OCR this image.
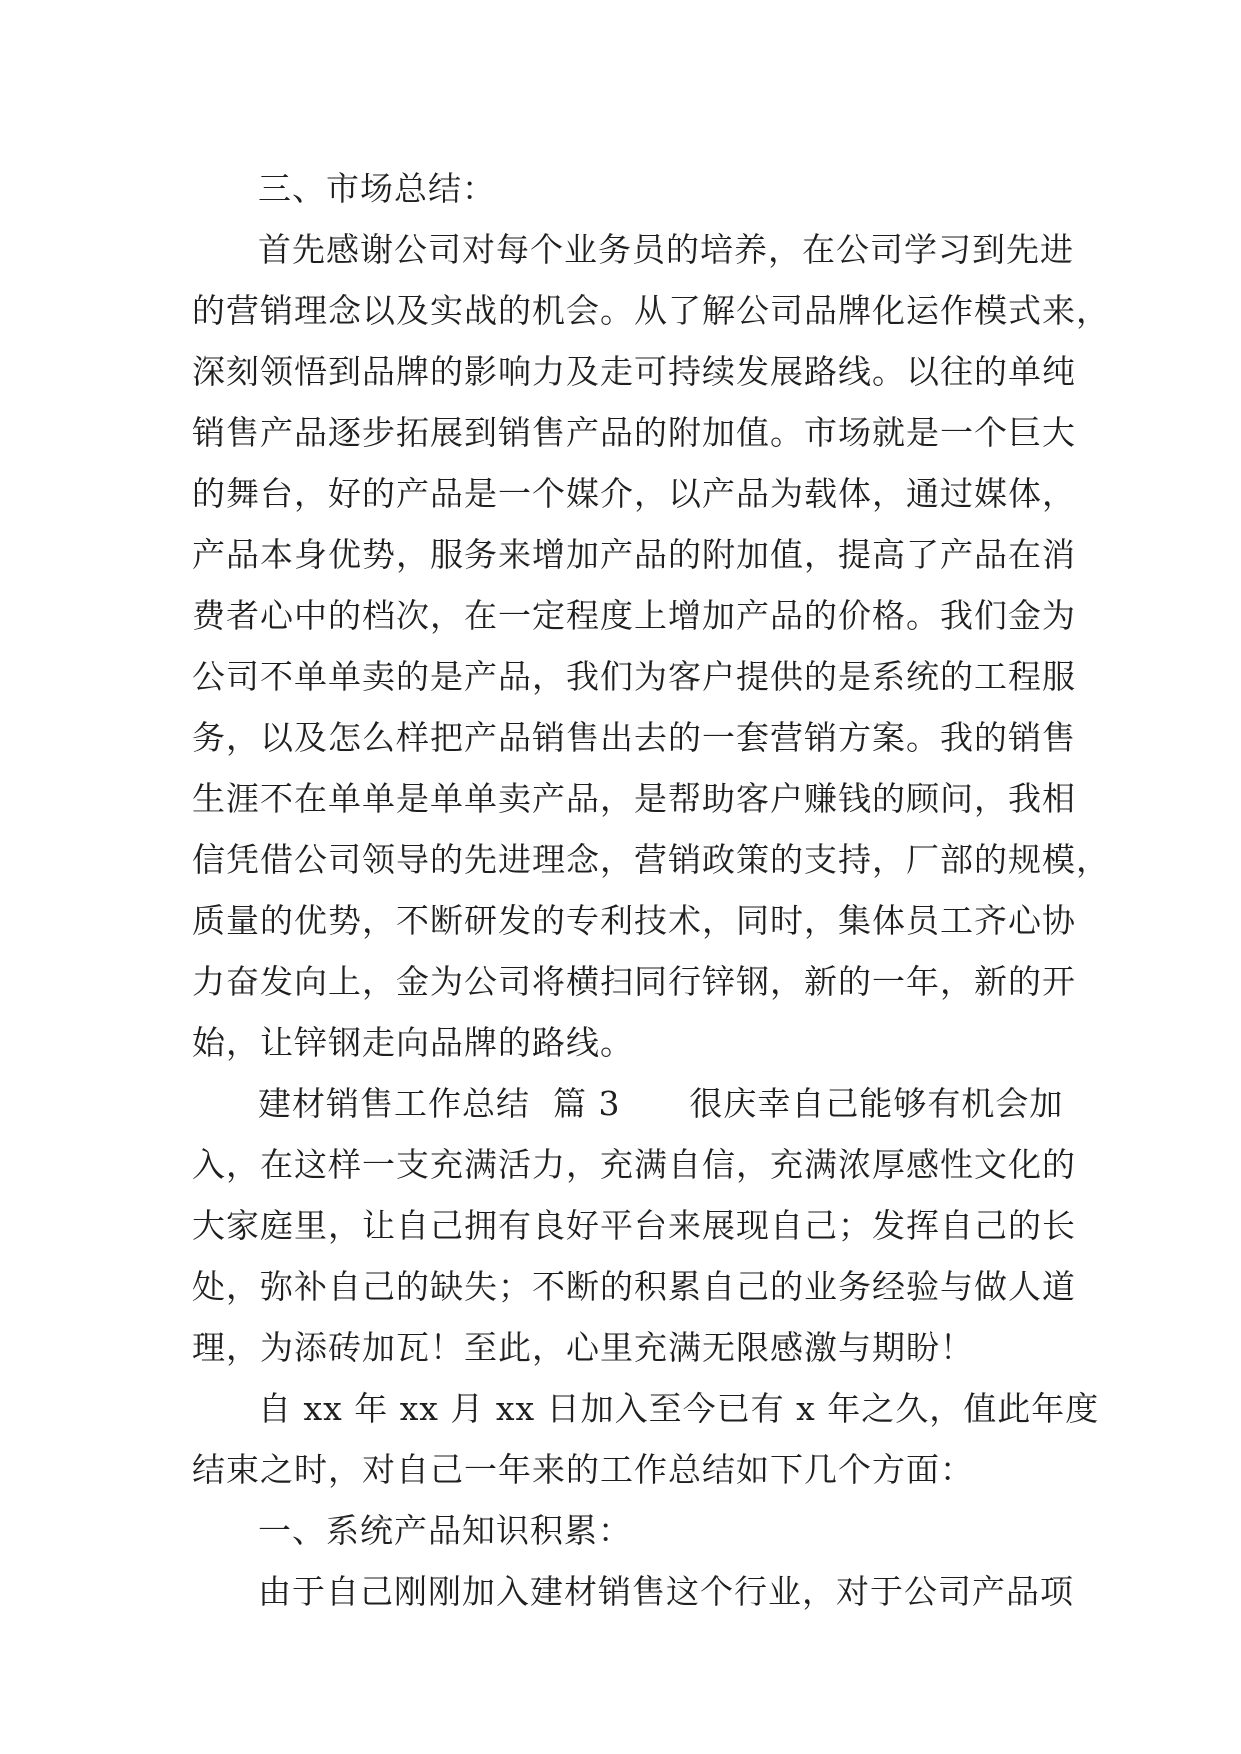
三、市场总结：
首先感谢公司对每个业务员的培养，在公司学习到先进
的营销理念以及实战的机会。从了解公司品牌化运作模式来，
深刻领悟到品牌的影响力及走可持续发展路线。以往的单纯
销售产品逐步拓展到销售产品的附加值。市场就是一个巨大
的舞台，好的产品是一个媒介，以产品为载体，通过媒体，
产品本身优势，服务来增加产品的附加值，提高了产品在消
费者心中的档次，在一定程度上增加产品的价格。我们金为
公司不单单卖的是产品，我们为客户提供的是系统的工程服
务，以及怎么样把产品销售出去的一套营销方案。我的销售
生涯不在单单是单单卖产品，是帮助客户赚钱的顾问，我相
信凭借公司领导的先进理念，营销政策的支持，厂部的规模，
质量的优势，不断研发的专利技术，同时，集体员工齐心协
力奋发向上，金为公司将横扫同行锌钢，新的一年，新的开
始，让锌钢走向品牌的路线。
建材销售工作总结  篇 3      很庆幸自己能够有机会加
入，在这样一支充满活力，充满自信，充满浓厚感性文化的
大家庭里，让自己拥有良好平台来展现自己；发挥自己的长
处，弥补自己的缺失；不断的积累自己的业务经验与做人道
理，为添砖加瓦！至此，心里充满无限感激与期盼！
自 xx 年 xx 月 xx 日加入至今已有 x 年之久，值此年度
结束之时，对自己一年来的工作总结如下几个方面：
一、系统产品知识积累：
由于自己刚刚加入建材销售这个行业，对于公司产品项
